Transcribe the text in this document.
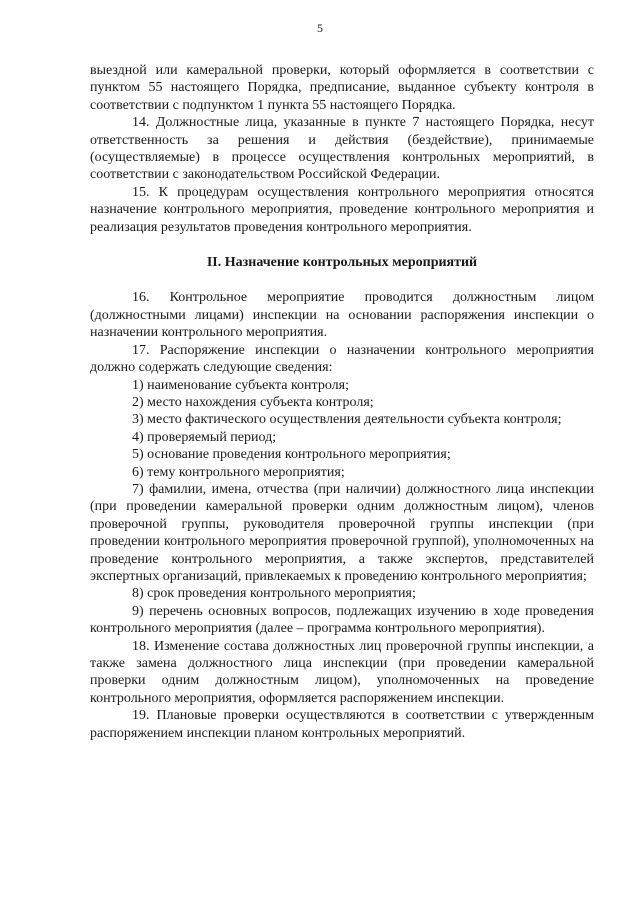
5

выездной или камеральной проверки, который оформляется в соответствии с пунктом 55 настоящего Порядка, предписание, выданное субъекту контроля в соответствии с подпунктом 1 пункта 55 настоящего Порядка.

14. Должностные лица, указанные в пункте 7 настоящего Порядка, несут ответственность за решения и действия (бездействие), принимаемые (осуществляемые) в процессе осуществления контрольных мероприятий, в соответствии с законодательством Российской Федерации.

15. К процедурам осуществления контрольного мероприятия относятся назначение контрольного мероприятия, проведение контрольного мероприятия и реализация результатов проведения контрольного мероприятия.

II. Назначение контрольных мероприятий

16. Контрольное мероприятие проводится должностным лицом (должностными лицами) инспекции на основании распоряжения инспекции о назначении контрольного мероприятия.

17. Распоряжение инспекции о назначении контрольного мероприятия должно содержать следующие сведения:

1) наименование субъекта контроля;

2) место нахождения субъекта контроля;

3) место фактического осуществления деятельности субъекта контроля;

4) проверяемый период;

5) основание проведения контрольного мероприятия;

6) тему контрольного мероприятия;

7) фамилии, имена, отчества (при наличии) должностного лица инспекции (при проведении камеральной проверки одним должностным лицом), членов проверочной группы, руководителя проверочной группы инспекции (при проведении контрольного мероприятия проверочной группой), уполномоченных на проведение контрольного мероприятия, а также экспертов, представителей экспертных организаций, привлекаемых к проведению контрольного мероприятия;

8) срок проведения контрольного мероприятия;

9) перечень основных вопросов, подлежащих изучению в ходе проведения контрольного мероприятия (далее – программа контрольного мероприятия).

18. Изменение состава должностных лиц проверочной группы инспекции, а также замена должностного лица инспекции (при проведении камеральной проверки одним должностным лицом), уполномоченных на проведение контрольного мероприятия, оформляется распоряжением инспекции.

19. Плановые проверки осуществляются в соответствии с утвержденным распоряжением инспекции планом контрольных мероприятий.
